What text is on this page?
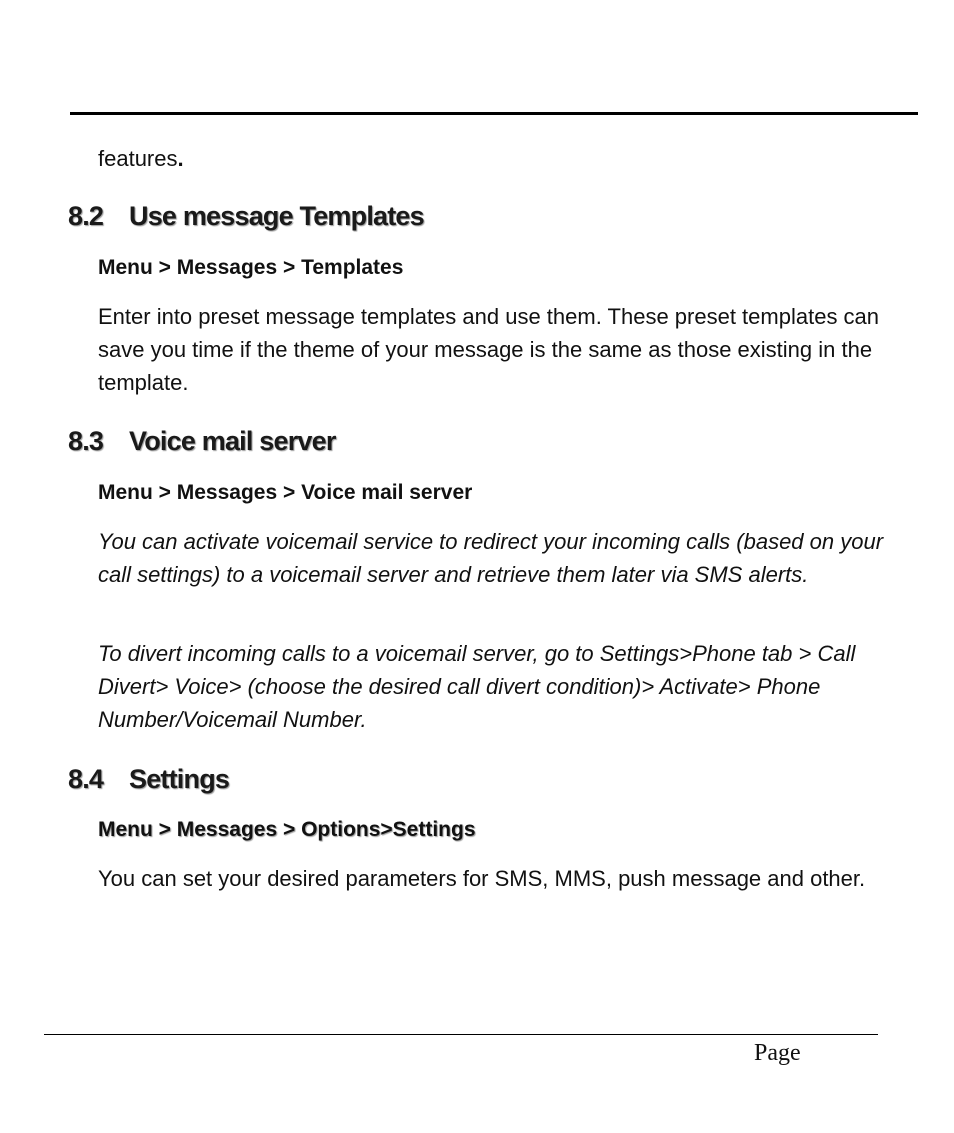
features.

8.2 Use message Templates

Menu > Messages > Templates

Enter into preset message templates and use them. These preset templates can save you time if the theme of your message is the same as those existing in the template.

8.3 Voice mail server

Menu > Messages > Voice mail server

You can activate voicemail service to redirect your incoming calls (based on your call settings) to a voicemail server and retrieve them later via SMS alerts.

To divert incoming calls to a voicemail server, go to Settings>Phone tab > Call Divert> Voice> (choose the desired call divert condition)> Activate> Phone Number/Voicemail Number.

8.4 Settings

Menu > Messages > Options>Settings

You can set your desired parameters for SMS, MMS, push message and other.

Page
